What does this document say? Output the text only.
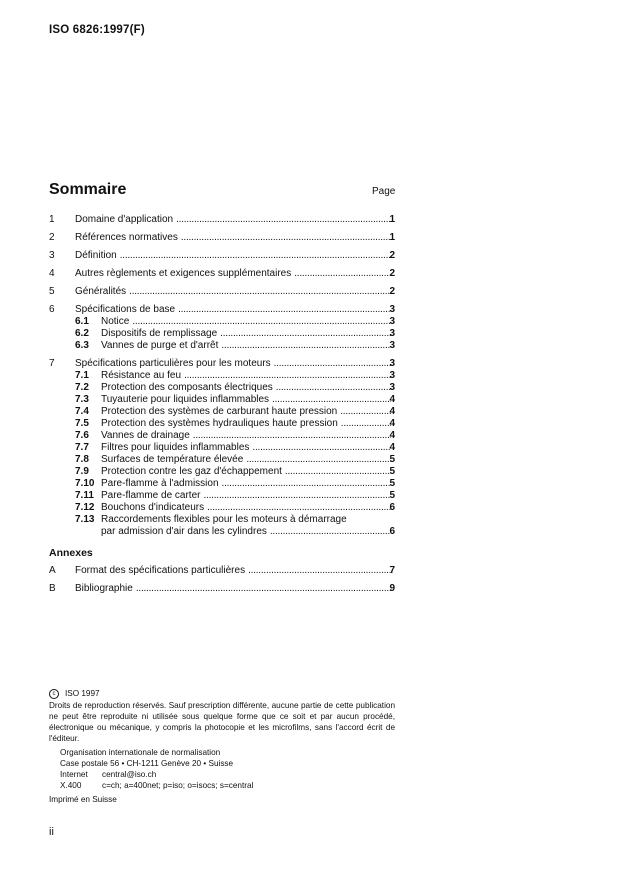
ISO 6826:1997(F)
Sommaire	Page
1	Domaine d'application . . .	1
2	Références normatives . . .	1
3	Définition . . .	2
4	Autres règlements et exigences supplémentaires . . .	2
5	Généralités . . .	2
6	Spécifications de base . . .	3
6.1	Notice . . .	3
6.2	Dispositifs de remplissage . . .	3
6.3	Vannes de purge et d'arrêt . . .	3
7	Spécifications particulières pour les moteurs . . .	3
7.1	Résistance au feu . . .	3
7.2	Protection des composants électriques . . .	3
7.3	Tuyauterie pour liquides inflammables . . .	4
7.4	Protection des systèmes de carburant haute pression . . .	4
7.5	Protection des systèmes hydrauliques haute pression . . .	4
7.6	Vannes de drainage . . .	4
7.7	Filtres pour liquides inflammables . . .	4
7.8	Surfaces de température élevée . . .	5
7.9	Protection contre les gaz d'échappement . . .	5
7.10 Pare-flamme à l'admission . . .	5
7.11 Pare-flamme de carter . . .	5
7.12 Bouchons d'indicateurs . . .	6
7.13 Raccordements flexibles pour les moteurs à démarrage
par admission d'air dans les cylindres . . .	6
Annexes
A	Format des spécifications particulières . . .	7
B	Bibliographie . . .	9
c	ISO 1997
Droits de reproduction réservés. Sauf prescription différente, aucune partie de cette publication ne peut être reproduite ni utilisée sous quelque forme que ce soit et par aucun procédé, électronique ou mécanique, y compris la photocopie et les microfilms, sans l'accord écrit de l'éditeur.
Organisation internationale de normalisation
Case postale 56 • CH-1211 Genève 20 • Suisse
Internet	central@iso.ch
X.400	c=ch; a=400net; p=iso; o=isocs; s=central
Imprimé en Suisse
ii
